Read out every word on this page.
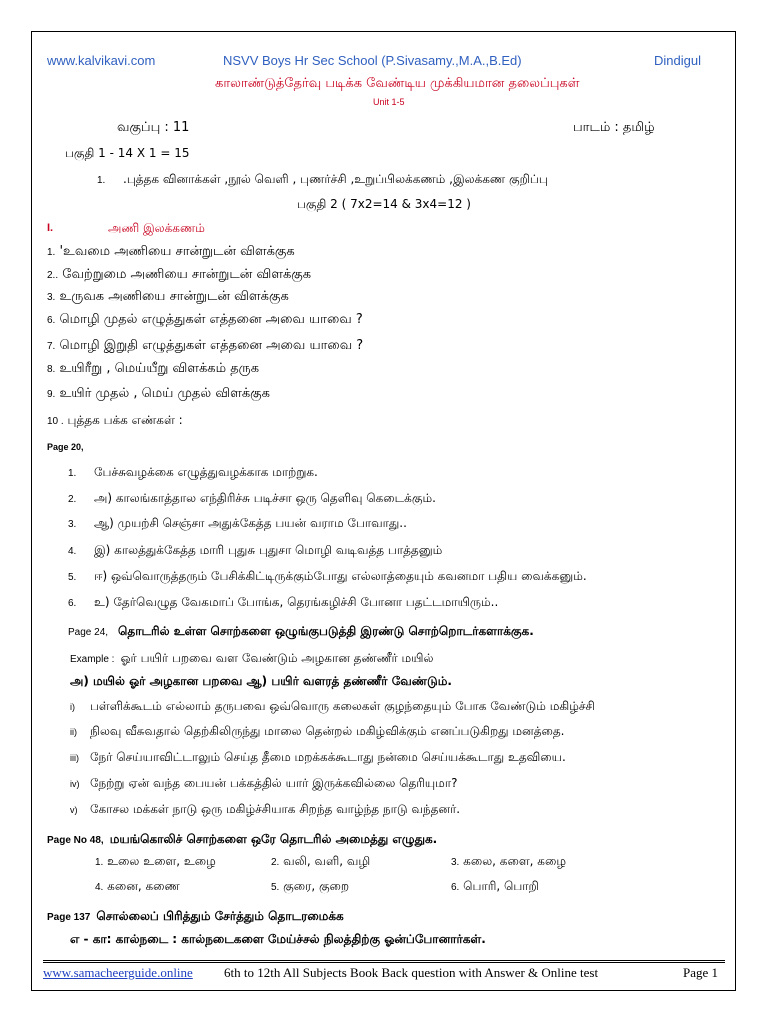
www.kalvikavi.com	NSVV Boys Hr Sec School (P.Sivasamy.,M.A.,B.Ed)	Dindigul
காலாண்டுத்தேர்வு படிக்க வேண்டிய முக்கியமான தலைப்புகள்
Unit 1-5
வகுப்பு : 11	பாடம் : தமிழ்
பகுதி 1 - 14 X 1 = 15
1. .புத்தக வினாக்கள் ,நூல் வெளி , புணர்ச்சி ,உறுப்பிலக்கணம் ,இலக்கண குறிப்பு
பகுதி 2 ( 7x2=14 & 3x4=12 )
I.	அணி இலக்கணம்
1. 'உவமை அணியை சான்றுடன் விளக்குக
2.. வேற்றுமை அணியை சான்றுடன் விளக்குக
3. உருவக அணியை சான்றுடன் விளக்குக
6. மொழி முதல் எழுத்துகள் எத்தனை அவை யாவை ?
7. மொழி இறுதி எழுத்துகள் எத்தனை அவை யாவை ?
8. உயிரீறு , மெய்யீறு விளக்கம் தருக
9. உயிர் முதல் , மெய் முதல் விளக்குக
10 . புத்தக பக்க எண்கள் :
Page 20,
1. பேச்சுவழக்கை எழுத்துவழக்காக மாற்றுக.
2. அ) காலங்காத்தால எந்திரிச்சு படிச்சா ஒரு தெளிவு கெடைக்கும்.
3. ஆ) முயற்சி செஞ்சா அதுக்கேத்த பயன் வராம போவாது..
4. இ) காலத்துக்கேத்த மாரி புதுசு புதுசா மொழி வடிவத்த பாத்தனும்
5. ஈ) ஒவ்வொருத்தரும் பேசிக்கிட்டிருக்கும்போது எல்லாத்தையும் கவனமா பதிய வைக்கனும்.
6. உ) தேர்வெழுத வேகமாப் போங்க, தெரங்கழிச்சி போனா பதட்டமாயிரும்..
Page 24, தொடரில் உள்ள சொற்களை ஒழுங்குபடுத்தி இரண்டு சொற்றொடர்களாக்குக.
Example : ஓர் பயிர் பறவை வள வேண்டும் அழகான தண்ணீர் மயில்
அ) மயில் ஓர் அழகான பறவை ஆ) பயிர் வளரத் தண்ணீர் வேண்டும்.
i) பள்ளிக்கூடம் எல்லாம் தருபவை ஒவ்வொரு கலைகள் குழந்தையும் போக வேண்டும் மகிழ்ச்சி
ii) நிலவு வீசுவதால் தெற்கிலிருந்து மாலை தென்றல் மகிழ்விக்கும் எனப்படுகிறது மனத்தை.
iii) நேர் செய்யாவிட்டாலும் செய்த தீமை மறக்கக்கூடாது நன்மை செய்யக்கூடாது உதவியை.
iv) நேற்று ஏன் வந்த பையன் பக்கத்தில் யார் இருக்கவில்லை தெரியுமா?
v) கோசல மக்கள் நாடு ஒரு மகிழ்ச்சியாக சிறந்த வாழ்ந்த நாடு வந்தனர்.
Page No 48, மயங்கொலிச் சொற்களை ஒரே தொடரில் அமைத்து எழுதுக.
1. உலை உளை, உழை	2. வலி, வளி, வழி	3. கலை, களை, கழை
4. கனை, கணை	5. குரை, குறை	6. பொரி, பொறி
Page 137 சொல்லைப் பிரித்தும் சேர்த்தும் தொடரமைக்க
எ - கா: கால்நடை : கால்நடைகளை மேய்ச்சல் நிலத்திற்கு ஓன்ப்போனார்கள்.
www.samacheerguide.online 6th to 12th All Subjects Book Back question with Answer & Online test	Page 1
